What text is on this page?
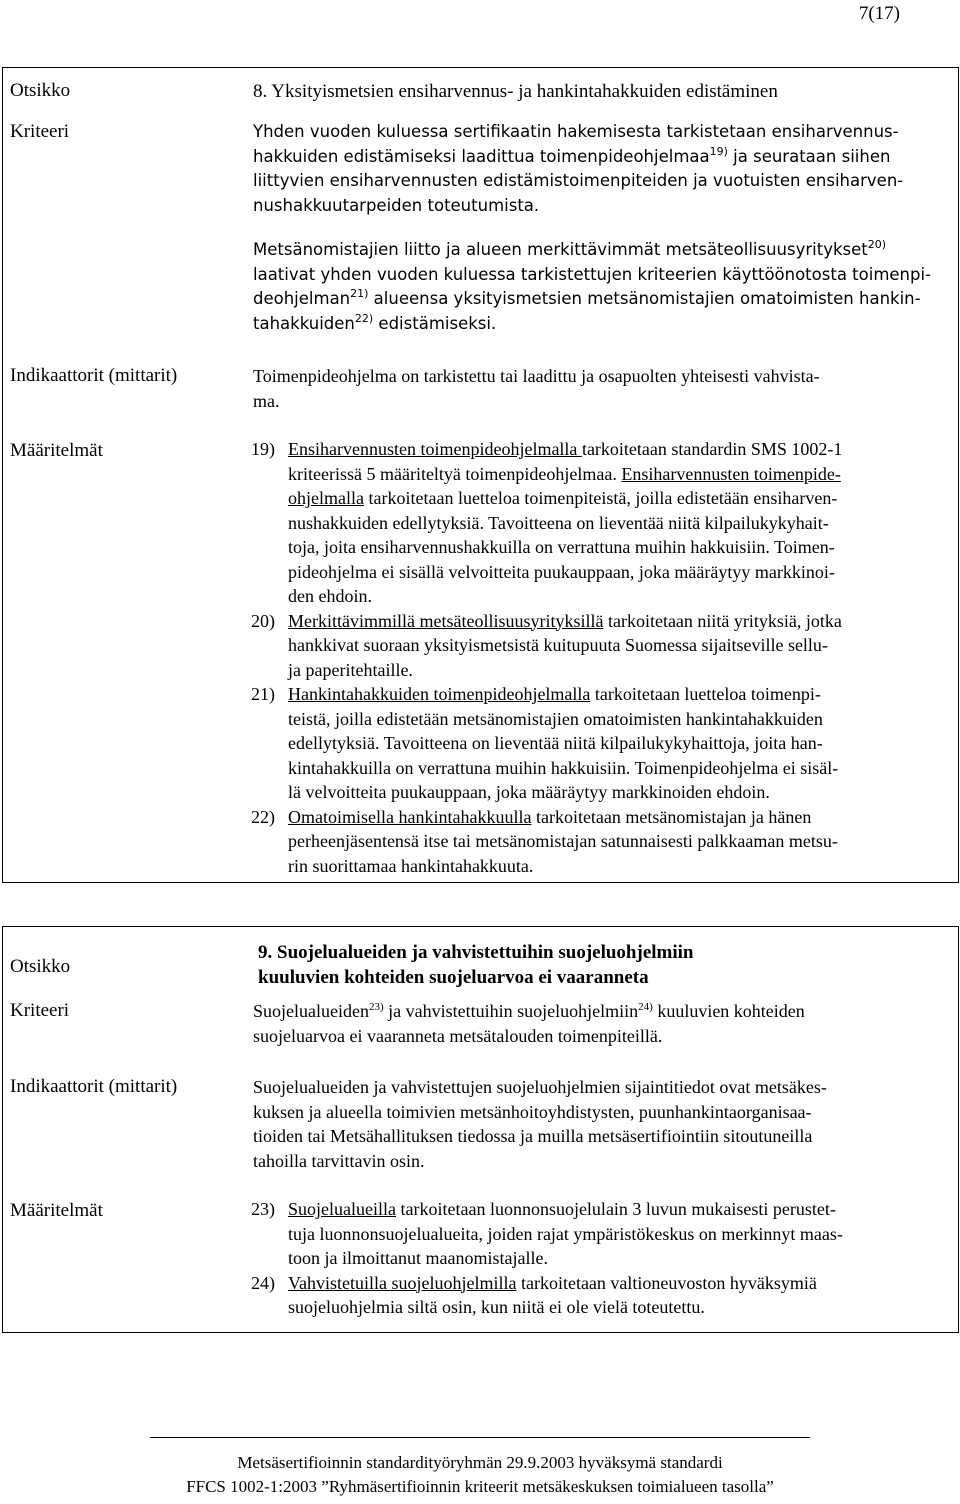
7(17)
Otsikko	8. Yksityismetsien ensiharvennus- ja hankintahakkuiden edistäminen
Kriteeri	Yhden vuoden kuluessa sertifikaatin hakemisesta tarkistetaan ensiharvennus-
hakkuiden edistämiseksi laadittua toimenpideohjelmaa$^{19)}$ ja seurataan siihen
liittyvien ensiharvennusten edistämistoimenpiteiden ja vuotuisten ensiharven-
nushakkuutarpeiden toteutumista.
Metsänomistajien liitto ja alueen merkittävimmät metsäteollisuusyritykset$^{20)}$
laativat yhden vuoden kuluessa tarkistettujen kriteerien käyttöönotosta toimenpi-
deohjelman$^{21)}$ alueensa yksityismetsien metsänomistajien omatoimisten hankin-
tahakkuiden$^{22)}$ edistämiseksi.
Indikaattorit (mittarit)	Toimenpideohjelma on tarkistettu tai laadittu ja osapuolten yhteisesti vahvista-
ma.
Määritelmät	19) Ensiharvennusten toimenpideohjelmalla tarkoitetaan standardin SMS 1002-1
kriteerissä 5 määriteltyä toimenpideohjelmaa. Ensiharvennusten toimenpide-
ohjelmalla tarkoitetaan luetteloa toimenpiteistä, joilla edistetään ensiharven-
nushakkuiden edellytyksiä. Tavoitteena on lieventää niitä kilpailukykyhait-
toja, joita ensiharvennushakkuilla on verrattuna muihin hakkuisiin. Toimen-
pideohjelma ei sisällä velvoitteita puukauppaan, joka määräytyy markkinoi-
den ehdoin.
20) Merkittävimmillä metsäteollisuusyrityksillä tarkoitetaan niitä yrityksiä, jotka
hankkivat suoraan yksityismetsistä kuitupuuta Suomessa sijaitseville sellu-
ja paperitehtaille.
21) Hankintahakkuiden toimenpideohjelmalla tarkoitetaan luetteloa toimenpi-
teistä, joilla edistetään metsänomistajien omatoimisten hankintahakkuiden
edellytyksiä. Tavoitteena on lieventää niitä kilpailukykyhaittoja, joita han-
kintahakkuilla on verrattuna muihin hakkuisiin. Toimenpideohjelma ei sisäl-
lä velvoitteita puukauppaan, joka määräytyy markkinoiden ehdoin.
22) Omatoimisella hankintahakkuulla tarkoitetaan metsänomistajan ja hänen
perheenjäsentensä itse tai metsänomistajan satunnaisesti palkkaaman metsu-
rin suorittamaa hankintahakkuuta.
Otsikko
9. Suojelualueiden ja vahvistettuihin suojeluohjelmiin
kuuluvien kohteiden suojeluarvoa ei vaaranneta
Kriteeri	Suojelualueiden$^{23)}$ ja vahvistettuihin suojeluohjelmiin$^{24)}$ kuuluvien kohteiden
suojeluarvoa ei vaaranneta metsätalouden toimenpiteillä.
Indikaattorit (mittarit)	Suojelualueiden ja vahvistettujen suojeluohjelmien sijaintitiedot ovat metsäkes-
kuksen ja alueella toimivien metsänhoitoyhdistysten, puunhankintaorganisaa-
tioiden tai Metsähallituksen tiedossa ja muilla metsäsertifiointiin sitoutuneilla
tahoilla tarvittavin osin.
Määritelmät	23) Suojelualueilla tarkoitetaan luonnonsuojelulain 3 luvun mukaisesti perustet-
tuja luonnonsuojelualueita, joiden rajat ympäristökeskus on merkinnyt maas-
toon ja ilmoittanut maanomistajalle.
24) Vahvistetuilla suojeluohjelmilla tarkoitetaan valtioneuvoston hyväksymiä
suojeluohjelmia siltä osin, kun niitä ei ole vielä toteutettu.
Metsäsertifioinnin standardityöryhmän 29.9.2003 hyväksymä standardi
FFCS 1002-1:2003 ”Ryhmäsertifioinnin kriteerit metsäkeskuksen toimialueen tasolla”
